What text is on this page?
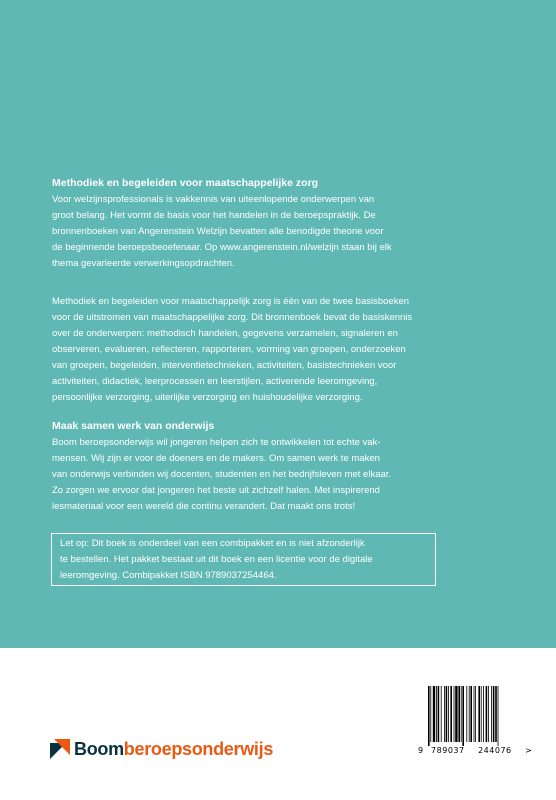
Methodiek en begeleiden voor maatschappelijke zorg

Voor welzijnsprofessionals is vakkennis van uiteenlopende onderwerpen van

groot belang. Het vormt de basis voor het handelen in de beroepspraktijk. De

bronnenboeken van Angerenstein Welzijn bevatten alle benodigde theorie voor

de beginnende beroepsbeoefenaar. Op www.angerenstein.nl/welzijn staan bij elk

thema gevarieerde verwerkingsopdrachten.

Methodiek en begeleiden voor maatschappelijk zorg is één van de twee basisboeken

voor de uitstromen van maatschappelijke zorg. Dit bronnenboek bevat de basiskennis

over de onderwerpen: methodisch handelen, gegevens verzamelen, signaleren en

observeren, evalueren, reflecteren, rapporteren, vorming van groepen, onderzoeken

van groepen, begeleiden, interventietechnieken, activiteiten, basistechnieken voor

activiteiten, didactiek, leerprocessen en leerstijlen, activerende leeromgeving,

persoonlijke verzorging, uiterlijke verzorging en huishoudelijke verzorging.

Maak samen werk van onderwijs

Boom beroepsonderwijs wil jongeren helpen zich te ontwikkelen tot echte vak-

mensen. Wij zijn er voor de doeners en de makers. Om samen werk te maken

van onderwijs verbinden wij docenten, studenten en het bedrijfsleven met elkaar.

Zo zorgen we ervoor dat jongeren het beste uit zichzelf halen. Met inspirerend

lesmateriaal voor een wereld die continu verandert. Dat maakt ons trots!

Let op: Dit boek is onderdeel van een combipakket en is niet afzonderlijk

te bestellen. Het pakket bestaat uit dit boek en een licentie voor de digitale

leeromgeving. Combipakket ISBN 9789037254464.

Boom beroepsonderwijs	9 789037 244076 >
